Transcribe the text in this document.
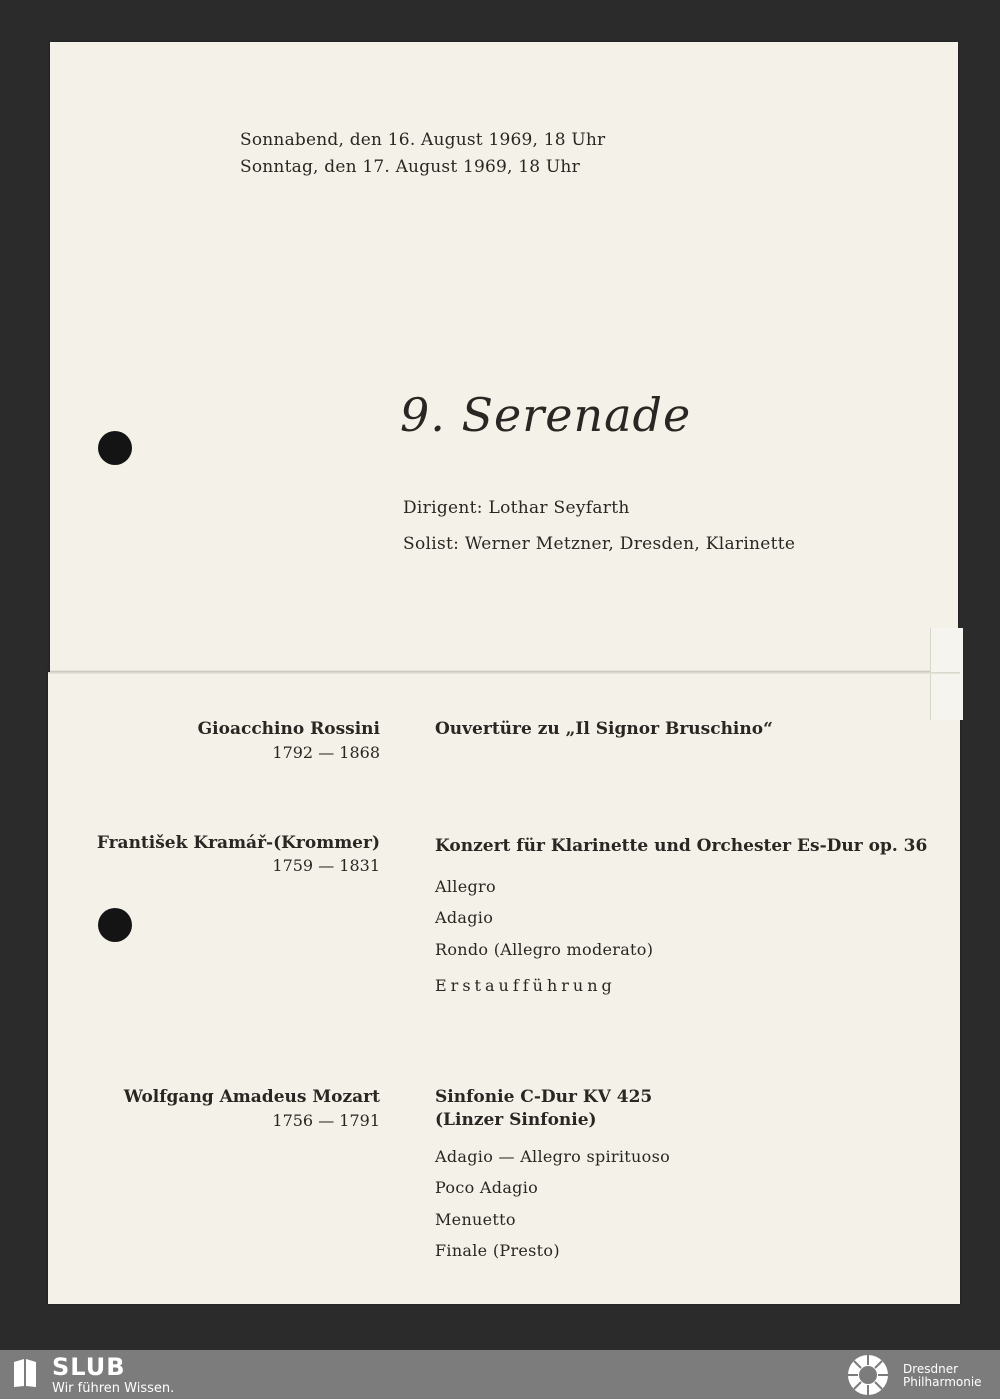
Sonnabend, den 16. August 1969, 18 Uhr
Sonntag, den 17. August 1969, 18 Uhr
9. Serenade
Dirigent: Lothar Seyfarth
Solist: Werner Metzner, Dresden, Klarinette
Gioacchino Rossini
1792 — 1868
Ouvertüre zu „Il Signor Bruschino“
František Kramář-(Krommer)
1759 — 1831
Konzert für Klarinette und Orchester Es-Dur op. 36
Allegro
Adagio
Rondo (Allegro moderato)
Erstaufführung
Wolfgang Amadeus Mozart
1756 — 1791
Sinfonie C-Dur KV 425
(Linzer Sinfonie)
Adagio — Allegro spirituoso
Poco Adagio
Menuetto
Finale (Presto)
SLUB
Wir führen Wissen.
Dresdner
Philharmonie
